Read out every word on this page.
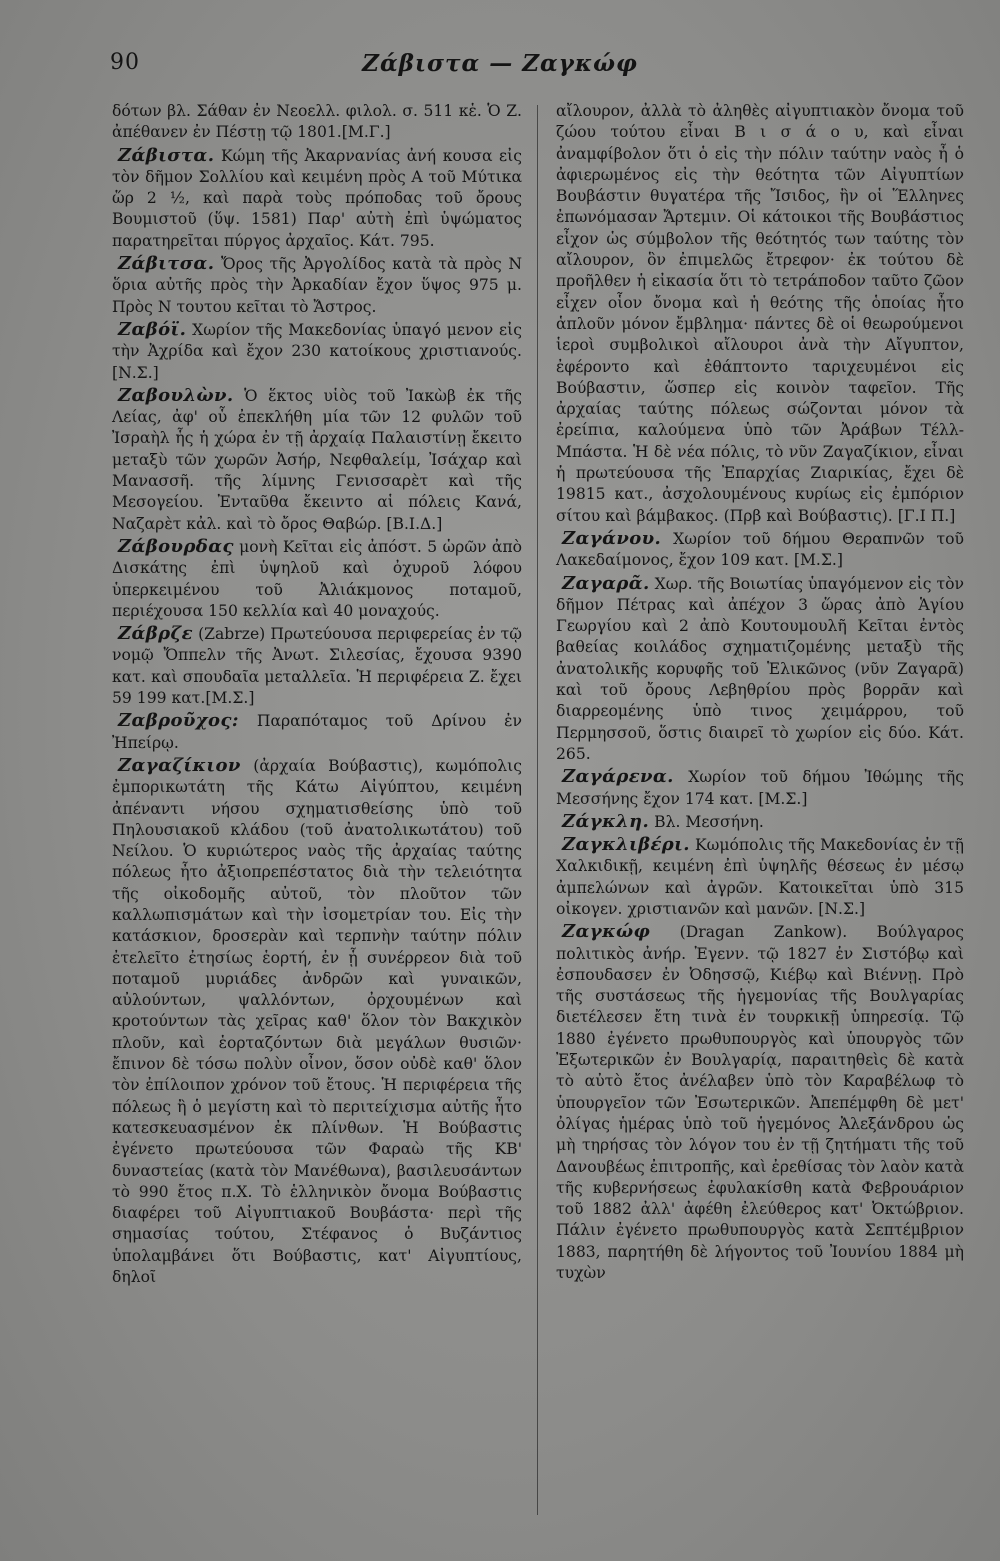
90	Ζάβιστα — Ζαγκώφ

δότων βλ. Σάθαν ἐν Νεοελλ. φιλολ. σ. 511 κἑ. Ὁ Ζ. ἀπέθανεν ἐν Πέστῃ τῷ 1801.[Μ.Γ.]

Ζάβιστα. Κώμη τῆς Ἀκαρνανίας ἀνή κουσα εἰς τὸν δῆμον Σολλίου καὶ κειμένη πρὸς Α τοῦ Μύτικα ὥρ 2 ½, καὶ παρὰ τοὺς πρόποδας τοῦ ὄρους Βουμιστοῦ (ὕψ. 1581) Παρ' αὐτὴ ἐπὶ ὑψώματος παρατηρεῖται πύργος ἀρχαῖος. Κάτ. 795.

Ζάβιτσα. Ὄρος τῆς Ἀργολίδος κατὰ τὰ πρὸς Ν ὅρια αὐτῆς πρὸς τὴν Ἀρκαδίαν ἔχον ὕψος 975 μ. Πρὸς Ν τουτου κεῖται τὸ Ἄστρος.

Ζαβόϊ. Χωρίον τῆς Μακεδονίας ὑπαγό μενον εἰς τὴν Ἀχρίδα καὶ ἔχον 230 κατοίκους χριστιανούς. [Ν.Σ.]

Ζαβουλὼν. Ὁ ἕκτος υἱὸς τοῦ Ἰακὼβ ἐκ τῆς Λείας, ἀφ' οὗ ἐπεκλήθη μία τῶν 12 φυλῶν τοῦ Ἰσραὴλ ἧς ἡ χώρα ἐν τῇ ἀρχαίᾳ Παλαιστίνῃ ἔκειτο μεταξὺ τῶν χωρῶν Ἀσήρ, Νεφθαλείμ, Ἰσάχαρ καὶ Μανασσῆ. τῆς λίμνης Γενισσαρὲτ καὶ τῆς Μεσογείου. Ἐνταῦθα ἔκειντο αἱ πόλεις Κανά, Ναζαρὲτ κἀλ. καὶ τὸ ὄρος Θαβώρ. [Β.Ι.Δ.]

Ζάβουρδας μονὴ Κεῖται εἰς ἀπόστ. 5 ὡρῶν ἀπὸ Δισκάτης ἐπὶ ὑψηλοῦ καὶ ὀχυροῦ λόφου ὑπερκειμένου τοῦ Ἀλιάκμονος ποταμοῦ, περιέχουσα 150 κελλία καὶ 40 μοναχούς.

Ζάβρζε (Zabrze) Πρωτεύουσα περιφερείας ἐν τῷ νομῷ Ὄππελν τῆς Ἀνωτ. Σιλεσίας, ἔχουσα 9390 κατ. καὶ σπουδαῖα μεταλλεῖα. Ἡ περιφέρεια Ζ. ἔχει 59 199 κατ.[Μ.Σ.]

Ζαβροῦχος: Παραπόταμος τοῦ Δρίνου ἐν Ἠπείρῳ.

Ζαγαζίκιον (ἀρχαία Βούβαστις), κωμόπολις ἐμπορικωτάτη τῆς Κάτω Αἰγύπτου, κειμένη ἀπέναντι νήσου σχηματισθείσης ὑπὸ τοῦ Πηλουσιακοῦ κλάδου (τοῦ ἀνατολικωτάτου) τοῦ Νείλου. Ὁ κυριώτερος ναὸς τῆς ἀρχαίας ταύτης πόλεως ἦτο ἀξιοπρεπέστατος διὰ τὴν τελειότητα τῆς οἰκοδομῆς αὐτοῦ, τὸν πλοῦτον τῶν καλλωπισμάτων καὶ τὴν ἰσομετρίαν του. Εἰς τὴν κατάσκιον, δροσερὰν καὶ τερπνὴν ταύτην πόλιν ἐτελεῖτο ἐτησίως ἑορτή, ἐν ᾗ συνέρρεον διὰ τοῦ ποταμοῦ μυριάδες ἀνδρῶν καὶ γυναικῶν, αὐλούντων, ψαλλόντων, ὀρχουμένων καὶ κροτούντων τὰς χεῖρας καθ' ὅλον τὸν Βακχικὸν πλοῦν, καὶ ἑορταζόντων διὰ μεγάλων θυσιῶν· ἔπινον δὲ τόσω πολὺν οἶνον, ὅσον οὐδὲ καθ' ὅλον τὸν ἐπίλοιπον χρόνον τοῦ ἔτους. Ἡ περιφέρεια τῆς πόλεως ἢ ὁ μεγίστη καὶ τὸ περιτείχισμα αὐτῆς ἦτο κατεσκευασμένον ἐκ πλίνθων. Ἡ Βούβαστις ἐγένετο πρωτεύουσα τῶν Φαραὼ τῆς ΚΒ' δυναστείας (κατὰ τὸν Μανέθωνα), βασιλευσάντων τὸ 990 ἔτος π.Χ. Τὸ ἑλληνικὸν ὄνομα Βούβαστις διαφέρει τοῦ Αἰγυπτιακοῦ Βουβάστα· περὶ τῆς σημασίας τούτου, Στέφανος ὁ Βυζάντιος ὑπολαμβάνει ὅτι Βούβαστις, κατ' Αἰγυπτίους, δηλοῖ

αἴλουρον, ἀλλὰ τὸ ἀληθὲς αἰγυπτιακὸν ὄνομα τοῦ ζώου τούτου εἶναι Β ι σ ά ο υ, καὶ εἶναι ἀναμφίβολον ὅτι ὁ εἰς τὴν πόλιν ταύτην ναὸς ἦ ὁ ἀφιερωμένος εἰς τὴν θεότητα τῶν Αἰγυπτίων Βουβάστιν θυγατέρα τῆς Ἴσιδος, ἣν οἱ Ἕλληνες ἐπωνόμασαν Ἄρτεμιν. Οἱ κάτοικοι τῆς Βουβάστιος εἶχον ὡς σύμβολον τῆς θεότητός των ταύτης τὸν αἴλουρον, ὃν ἐπιμελῶς ἔτρεφον· ἐκ τούτου δὲ προῆλθεν ἡ εἰκασία ὅτι τὸ τετράποδον ταῦτο ζῶον εἶχεν οἷον ὄνομα καὶ ἡ θεότης τῆς ὁποίας ἦτο ἁπλοῦν μόνον ἔμβλημα· πάντες δὲ οἱ θεωρούμενοι ἱεροὶ συμβολικοὶ αἴλουροι ἀνὰ τὴν Αἴγυπτον, ἐφέροντο καὶ ἐθάπτοντο ταριχευμένοι εἰς Βούβαστιν, ὥσπερ εἰς κοινὸν ταφεῖον. Τῆς ἀρχαίας ταύτης πόλεως σώζονται μόνον τὰ ἐρείπια, καλούμενα ὑπὸ τῶν Ἀράβων Τέλλ-Μπάστα. Ἡ δὲ νέα πόλις, τὸ νῦν Ζαγαζίκιον, εἶναι ἡ πρωτεύουσα τῆς Ἐπαρχίας Ζιαρικίας, ἔχει δὲ 19815 κατ., ἀσχολουμένους κυρίως εἰς ἐμπόριον σίτου καὶ βάμβακος. (Πρβ καὶ Βούβαστις). [Γ.Ι Π.]

Ζαγάνου. Χωρίον τοῦ δήμου Θεραπνῶν τοῦ Λακεδαίμονος, ἔχον 109 κατ. [Μ.Σ.]

Ζαγαρᾶ. Χωρ. τῆς Βοιωτίας ὑπαγόμενον εἰς τὸν δῆμον Πέτρας καὶ ἀπέχον 3 ὥρας ἀπὸ Ἁγίου Γεωργίου καὶ 2 ἀπὸ Κουτουμουλῆ Κεῖται ἐντὸς βαθείας κοιλάδος σχηματιζομένης μεταξὺ τῆς ἀνατολικῆς κορυφῆς τοῦ Ἑλικῶνος (νῦν Ζαγαρᾶ) καὶ τοῦ ὄρους Λεβηθρίου πρὸς βορρᾶν καὶ διαρρεομένης ὑπὸ τινος χειμάρρου, τοῦ Περμησσοῦ, ὅστις διαιρεῖ τὸ χωρίον εἰς δύο. Κάτ. 265.

Ζαγάρενα. Χωρίον τοῦ δήμου Ἰθώμης τῆς Μεσσήνης ἔχον 174 κατ. [Μ.Σ.]

Ζάγκλη. Βλ. Μεσσήνη.

Ζαγκλιβέρι. Κωμόπολις τῆς Μακεδονίας ἐν τῇ Χαλκιδικῇ, κειμένη ἐπὶ ὑψηλῆς θέσεως ἐν μέσῳ ἀμπελώνων καὶ ἀγρῶν. Κατοικεῖται ὑπὸ 315 οἰκογεν. χριστιανῶν καὶ μανῶν. [Ν.Σ.]

Ζαγκώφ (Dragan Zankow). Βούλγαρος πολιτικὸς ἀνήρ. Ἐγενν. τῷ 1827 ἐν Σιστόβῳ καὶ ἐσπουδασεν ἐν Ὀδησσῷ, Κιέβῳ καὶ Βιέννῃ. Πρὸ τῆς συστάσεως τῆς ἡγεμονίας τῆς Βουλγαρίας διετέλεσεν ἔτη τινὰ ἐν τουρκικῇ ὑπηρεσίᾳ. Τῷ 1880 ἐγένετο πρωθυπουργὸς καὶ ὑπουργὸς τῶν Ἐξωτερικῶν ἐν Βουλγαρίᾳ, παραιτηθεὶς δὲ κατὰ τὸ αὐτὸ ἔτος ἀνέλαβεν ὑπὸ τὸν Καραβέλωφ τὸ ὑπουργεῖον τῶν Ἐσωτερικῶν. Ἀπεπέμφθη δὲ μετ' ὀλίγας ἡμέρας ὑπὸ τοῦ ἡγεμόνος Ἀλεξάνδρου ὡς μὴ τηρήσας τὸν λόγον του ἐν τῇ ζητήματι τῆς τοῦ Δανουβέως ἐπιτροπῆς, καὶ ἐρεθίσας τὸν λαὸν κατὰ τῆς κυβερνήσεως ἐφυλακίσθη κατὰ Φεβρουάριον τοῦ 1882 ἀλλ' ἀφέθη ἐλεύθερος κατ' Ὀκτώβριον. Πάλιν ἐγένετο πρωθυπουργὸς κατὰ Σεπτέμβριον 1883, παρητήθη δὲ λήγοντος τοῦ Ἰουνίου 1884 μὴ τυχὼν
